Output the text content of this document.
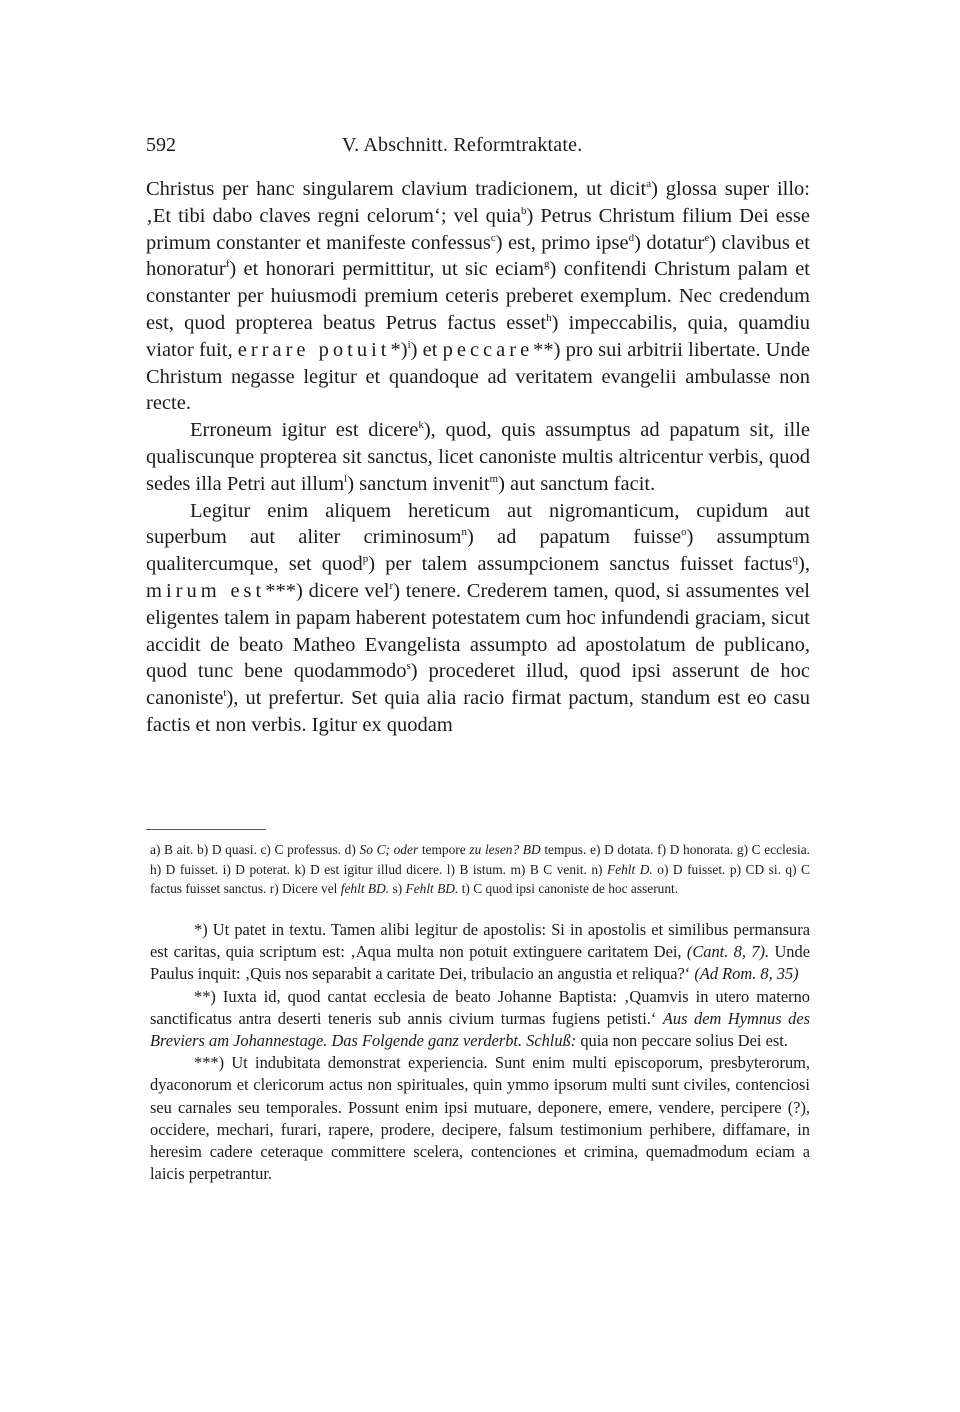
592	V. Abschnitt. Reformtraktate.

Christus per hanc singularem clavium tradicionem, ut dicit$^a$) glossa super illo: ‚Et tibi dabo claves regni celorum‘; vel quia$^b$) Petrus Christum filium Dei esse primum constanter et manifeste confessus$^c$) est, primo ipse$^d$) dotatur$^e$) clavibus et honoratur$^f$) et honorari permittitur, ut sic eciam$^g$) confitendi Christum palam et constanter per huiusmodi premium ceteris preberet exemplum. Nec credendum est, quod propterea beatus Petrus factus esset$^h$) impeccabilis, quia, quamdiu viator fuit, errare potuit*)$^i$) et peccare**) pro sui arbitrii libertate. Unde Christum negasse legitur et quandoque ad veritatem evangelii ambulasse non recte.

Erroneum igitur est dicere$^k$), quod, quis assumptus ad papatum sit, ille qualiscunque propterea sit sanctus, licet canoniste multis altricentur verbis, quod sedes illa Petri aut illum$^l$) sanctum invenit$^m$) aut sanctum facit.

Legitur enim aliquem hereticum aut nigromanticum, cupidum aut superbum aut aliter criminosum$^n$) ad papatum fuisse$^o$) assumptum qualitercumque, set quod$^p$) per talem assumpcionem sanctus fuisset factus$^q$), mirum est***) dicere vel$^r$) tenere. Crederem tamen, quod, si assumentes vel eligentes talem in papam haberent potestatem cum hoc infundendi graciam, sicut accidit de beato Matheo Evangelista assumpto ad apostolatum de publicano, quod tunc bene quodammodo$^s$) procederet illud, quod ipsi asserunt de hoc canoniste$^t$), ut prefertur. Set quia alia racio firmat pactum, standum est eo casu factis et non verbis. Igitur ex quodam

a) B ait. b) D quasi. c) C professus. d) So C; oder tempore zu lesen? BD tempus. e) D dotata. f) D honorata. g) C ecclesia. h) D fuisset. i) D poterat. k) D est igitur illud dicere. l) B istum. m) B C venit. n) Fehlt D. o) D fuisset. p) CD si. q) C factus fuisset sanctus. r) Dicere vel fehlt BD. s) Fehlt BD. t) C quod ipsi canoniste de hoc asserunt.

*) Ut patet in textu. Tamen alibi legitur de apostolis: Si in apostolis et similibus permansura est caritas, quia scriptum est: ‚Aqua multa non potuit extinguere caritatem Dei, (Cant. 8, 7). Unde Paulus inquit: ‚Quis nos separabit a caritate Dei, tribulacio an angustia et reliqua?‘ (Ad Rom. 8, 35)

**) Iuxta id, quod cantat ecclesia de beato Johanne Baptista: ‚Quamvis in utero materno sanctificatus antra deserti teneris sub annis civium turmas fugiens petisti.‘ Aus dem Hymnus des Breviers am Johannestage. Das Folgende ganz verderbt. Schluß: quia non peccare solius Dei est.

***) Ut indubitata demonstrat experiencia. Sunt enim multi episcoporum, presbyterorum, dyaconorum et clericorum actus non spirituales, quin ymmo ipsorum multi sunt civiles, contenciosi seu carnales seu temporales. Possunt enim ipsi mutuare, deponere, emere, vendere, percipere (?), occidere, mechari, furari, rapere, prodere, decipere, falsum testimonium perhibere, diffamare, in heresim cadere ceteraque committere scelera, contenciones et crimina, quemadmodum eciam a laicis perpetrantur.
